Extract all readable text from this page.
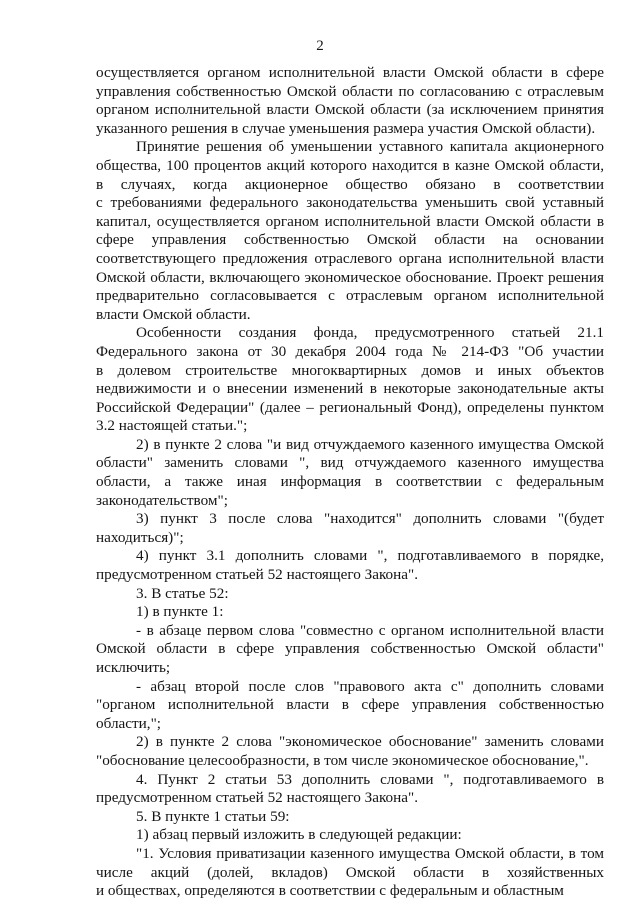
2
осуществляется органом исполнительной власти Омской области в сфере
управления собственностью Омской области по согласованию с отраслевым
органом исполнительной власти Омской области (за исключением принятия
указанного решения в случае уменьшения размера участия Омской области).
Принятие решения об уменьшении уставного капитала акционерного
общества, 100 процентов акций которого находится в казне Омской области,
в случаях, когда акционерное общество обязано в соответствии
с требованиями федерального законодательства уменьшить свой уставный
капитал, осуществляется органом исполнительной власти Омской области в
сфере управления собственностью Омской области на основании
соответствующего предложения отраслевого органа исполнительной власти
Омской области, включающего экономическое обоснование. Проект решения
предварительно согласовывается с отраслевым органом исполнительной
власти Омской области.
Особенности создания фонда, предусмотренного статьей 21.1
Федерального закона от 30 декабря 2004 года № 214-ФЗ "Об участии
в долевом строительстве многоквартирных домов и иных объектов
недвижимости и о внесении изменений в некоторые законодательные акты
Российской Федерации" (далее – региональный Фонд), определены пунктом
3.2 настоящей статьи.";
2) в пункте 2 слова "и вид отчуждаемого казенного имущества Омской
области" заменить словами ", вид отчуждаемого казенного имущества
области, а также иная информация в соответствии с федеральным
законодательством";
3) пункт 3 после слова "находится" дополнить словами "(будет
находиться)";
4) пункт 3.1 дополнить словами ", подготавливаемого в порядке,
предусмотренном статьей 52 настоящего Закона".
3. В статье 52:
1) в пункте 1:
- в абзаце первом слова "совместно с органом исполнительной власти
Омской области в сфере управления собственностью Омской области"
исключить;
- абзац второй после слов "правового акта с" дополнить словами
"органом исполнительной власти в сфере управления собственностью
области,";
2) в пункте 2 слова "экономическое обоснование" заменить словами
"обоснование целесообразности, в том числе экономическое обоснование,".
4. Пункт 2 статьи 53 дополнить словами ", подготавливаемого в
предусмотренном статьей 52 настоящего Закона".
5. В пункте 1 статьи 59:
1) абзац первый изложить в следующей редакции:
"1. Условия приватизации казенного имущества Омской области, в том
числе акций (долей, вкладов) Омской области в хозяйственных
и обществах, определяются в соответствии с федеральным и областным
